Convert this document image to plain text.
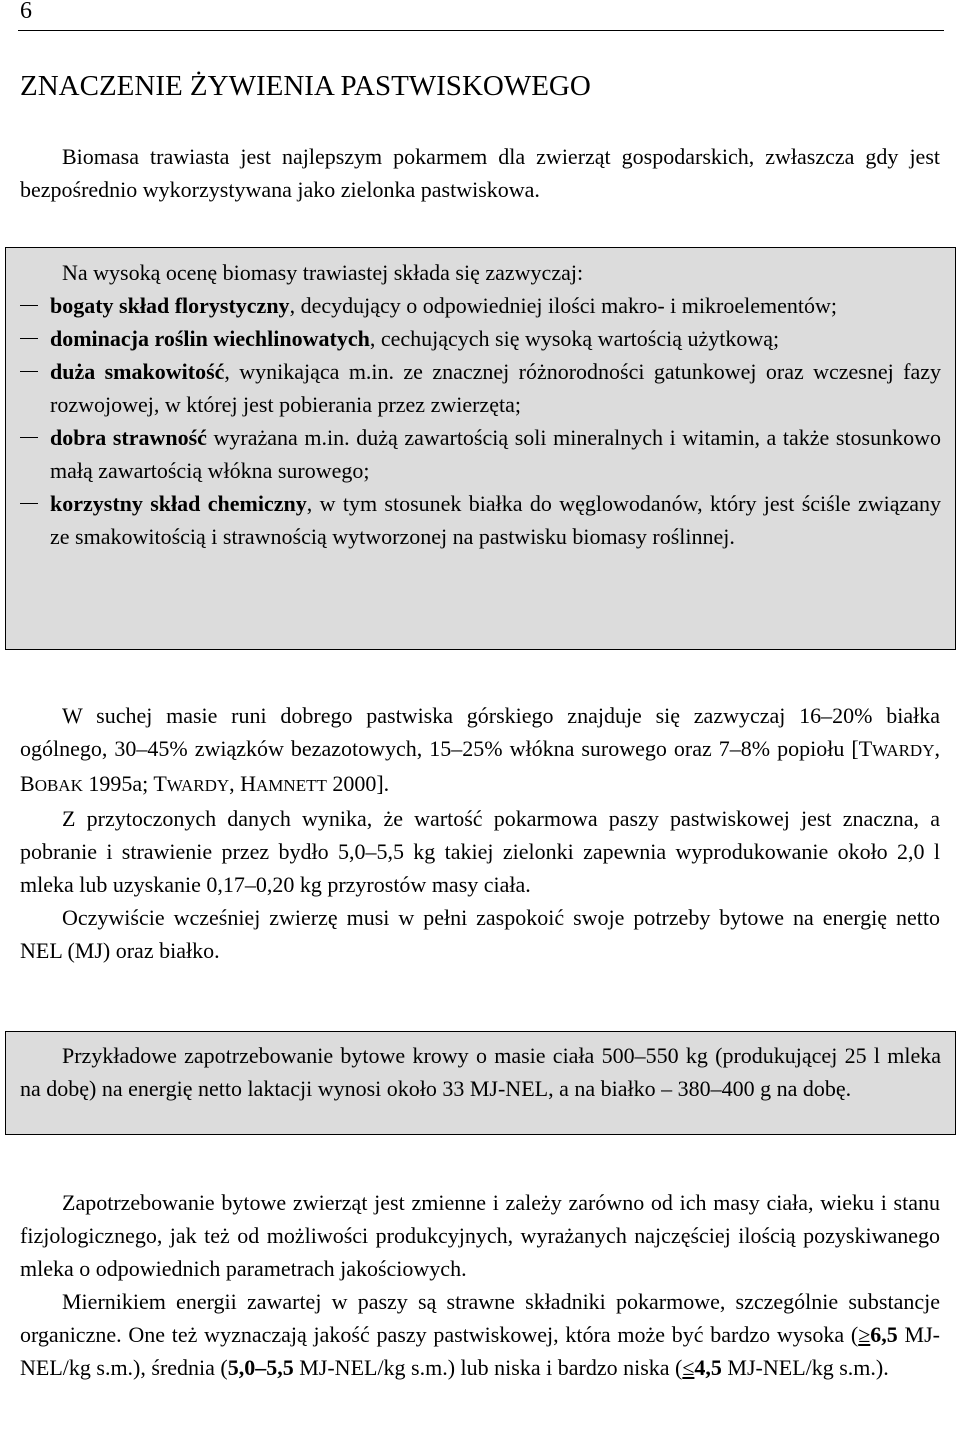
6
ZNACZENIE ŻYWIENIA PASTWISKOWEGO

Biomasa trawiasta jest najlepszym pokarmem dla zwierząt gospodarskich, zwłaszcza gdy jest bezpośrednio wykorzystywana jako zielonka pastwiskowa.

Na wysoką ocenę biomasy trawiastej składa się zazwyczaj:

bogaty skład florystyczny, decydujący o odpowiedniej ilości makro- i mikroelementów;
dominacja roślin wiechlinowatych, cechujących się wysoką wartością użytkową;
duża smakowitość, wynikająca m.in. ze znacznej różnorodności gatunkowej oraz wczesnej fazy rozwojowej, w której jest pobierania przez zwierzęta;
dobra strawność wyrażana m.in. dużą zawartością soli mineralnych i witamin, a także stosunkowo małą zawartością włókna surowego;
korzystny skład chemiczny, w tym stosunek białka do węglowodanów, który jest ściśle związany ze smakowitością i strawnością wytworzonej na pastwisku biomasy roślinnej.

W suchej masie runi dobrego pastwiska górskiego znajduje się zazwyczaj 16–20% białka ogólnego, 30–45% związków bezazotowych, 15–25% włókna surowego oraz 7–8% popiołu [TWARDY, BOBAK 1995a; TWARDY, HAMNETT 2000].

Z przytoczonych danych wynika, że wartość pokarmowa paszy pastwiskowej jest znaczna, a pobranie i strawienie przez bydło 5,0–5,5 kg takiej zielonki zapewnia wyprodukowanie około 2,0 l mleka lub uzyskanie 0,17–0,20 kg przyrostów masy ciała.

Oczywiście wcześniej zwierzę musi w pełni zaspokoić swoje potrzeby bytowe na energię netto NEL (MJ) oraz białko.

Przykładowe zapotrzebowanie bytowe krowy o masie ciała 500–550 kg (produkującej 25 l mleka na dobę) na energię netto laktacji wynosi około 33 MJ-NEL, a na białko – 380–400 g na dobę.

Zapotrzebowanie bytowe zwierząt jest zmienne i zależy zarówno od ich masy ciała, wieku i stanu fizjologicznego, jak też od możliwości produkcyjnych, wyrażanych najczęściej ilością pozyskiwanego mleka o odpowiednich parametrach jakościowych.

Miernikiem energii zawartej w paszy są strawne składniki pokarmowe, szczególnie substancje organiczne. One też wyznaczają jakość paszy pastwiskowej, która może być bardzo wysoka (≥6,5 MJ-NEL/kg s.m.), średnia (5,0–5,5 MJ-NEL/kg s.m.) lub niska i bardzo niska (≤4,5 MJ-NEL/kg s.m.).
